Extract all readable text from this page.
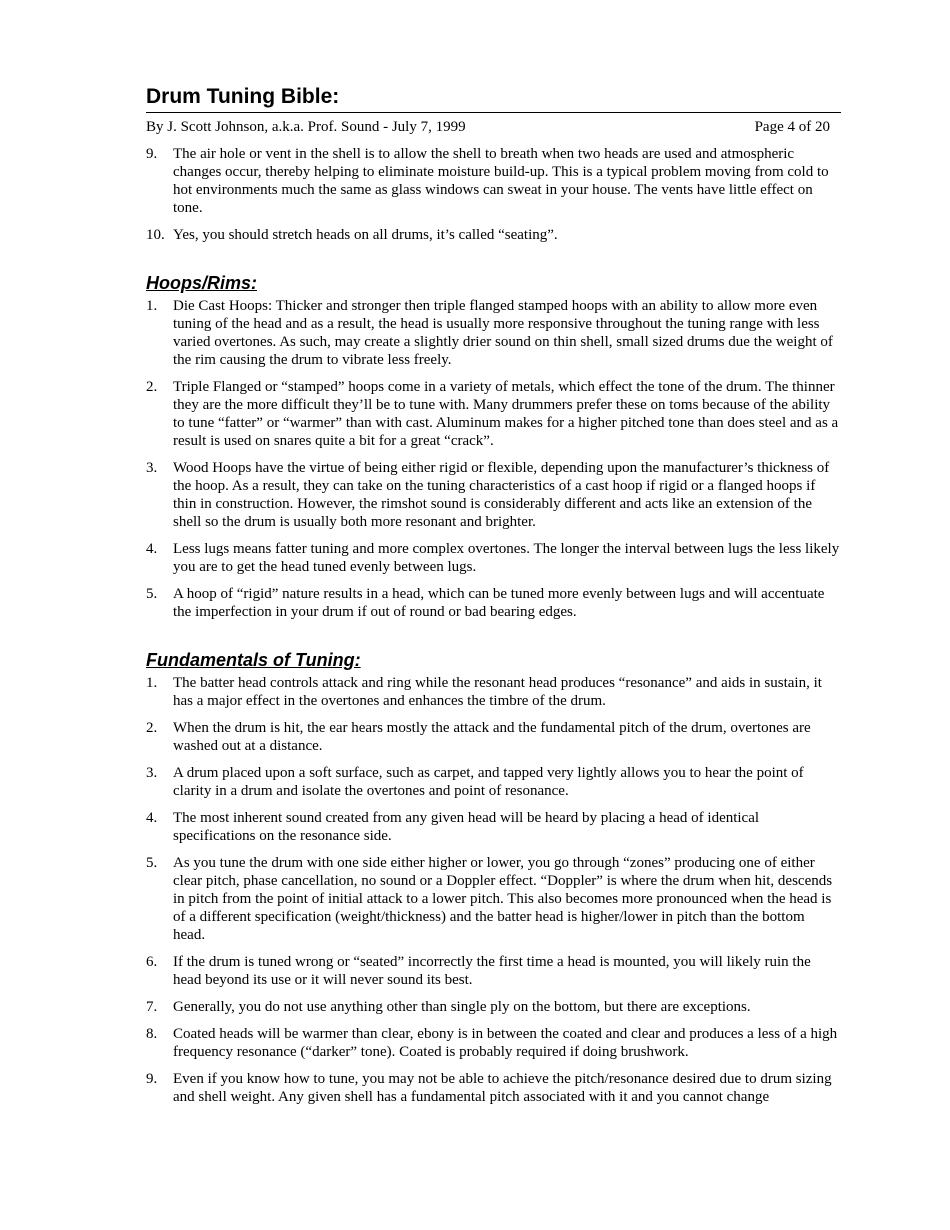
Drum Tuning Bible:
By J. Scott Johnson, a.k.a. Prof. Sound - July 7, 1999	Page 4 of 20
9.	The air hole or vent in the shell is to allow the shell to breath when two heads are used and atmospheric changes occur, thereby helping to eliminate moisture build-up. This is a typical problem moving from cold to hot environments much the same as glass windows can sweat in your house. The vents have little effect on tone.
10. Yes, you should stretch heads on all drums, it’s called “seating”.
Hoops/Rims:
1.	Die Cast Hoops: Thicker and stronger then triple flanged stamped hoops with an ability to allow more even tuning of the head and as a result, the head is usually more responsive throughout the tuning range with less varied overtones. As such, may create a slightly drier sound on thin shell, small sized drums due the weight of the rim causing the drum to vibrate less freely.
2.	Triple Flanged or “stamped” hoops come in a variety of metals, which effect the tone of the drum. The thinner they are the more difficult they’ll be to tune with. Many drummers prefer these on toms because of the ability to tune “fatter” or “warmer” than with cast. Aluminum makes for a higher pitched tone than does steel and as a result is used on snares quite a bit for a great “crack”.
3.	Wood Hoops have the virtue of being either rigid or flexible, depending upon the manufacturer’s thickness of the hoop. As a result, they can take on the tuning characteristics of a cast hoop if rigid or a flanged hoops if thin in construction. However, the rimshot sound is considerably different and acts like an extension of the shell so the drum is usually both more resonant and brighter.
4.	Less lugs means fatter tuning and more complex overtones. The longer the interval between lugs the less likely you are to get the head tuned evenly between lugs.
5.	A hoop of “rigid” nature results in a head, which can be tuned more evenly between lugs and will accentuate the imperfection in your drum if out of round or bad bearing edges.
Fundamentals of Tuning:
1.	The batter head controls attack and ring while the resonant head produces “resonance” and aids in sustain, it has a major effect in the overtones and enhances the timbre of the drum.
2.	When the drum is hit, the ear hears mostly the attack and the fundamental pitch of the drum, overtones are washed out at a distance.
3.	A drum placed upon a soft surface, such as carpet, and tapped very lightly allows you to hear the point of clarity in a drum and isolate the overtones and point of resonance.
4.	The most inherent sound created from any given head will be heard by placing a head of identical specifications on the resonance side.
5.	As you tune the drum with one side either higher or lower, you go through “zones” producing one of either clear pitch, phase cancellation, no sound or a Doppler effect. “Doppler” is where the drum when hit, descends in pitch from the point of initial attack to a lower pitch. This also becomes more pronounced when the head is of a different specification (weight/thickness) and the batter head is higher/lower in pitch than the bottom head.
6.	If the drum is tuned wrong or “seated” incorrectly the first time a head is mounted, you will likely ruin the head beyond its use or it will never sound its best.
7.	Generally, you do not use anything other than single ply on the bottom, but there are exceptions.
8.	Coated heads will be warmer than clear, ebony is in between the coated and clear and produces a less of a high frequency resonance (“darker” tone). Coated is probably required if doing brushwork.
9.	Even if you know how to tune, you may not be able to achieve the pitch/resonance desired due to drum sizing and shell weight. Any given shell has a fundamental pitch associated with it and you cannot change
